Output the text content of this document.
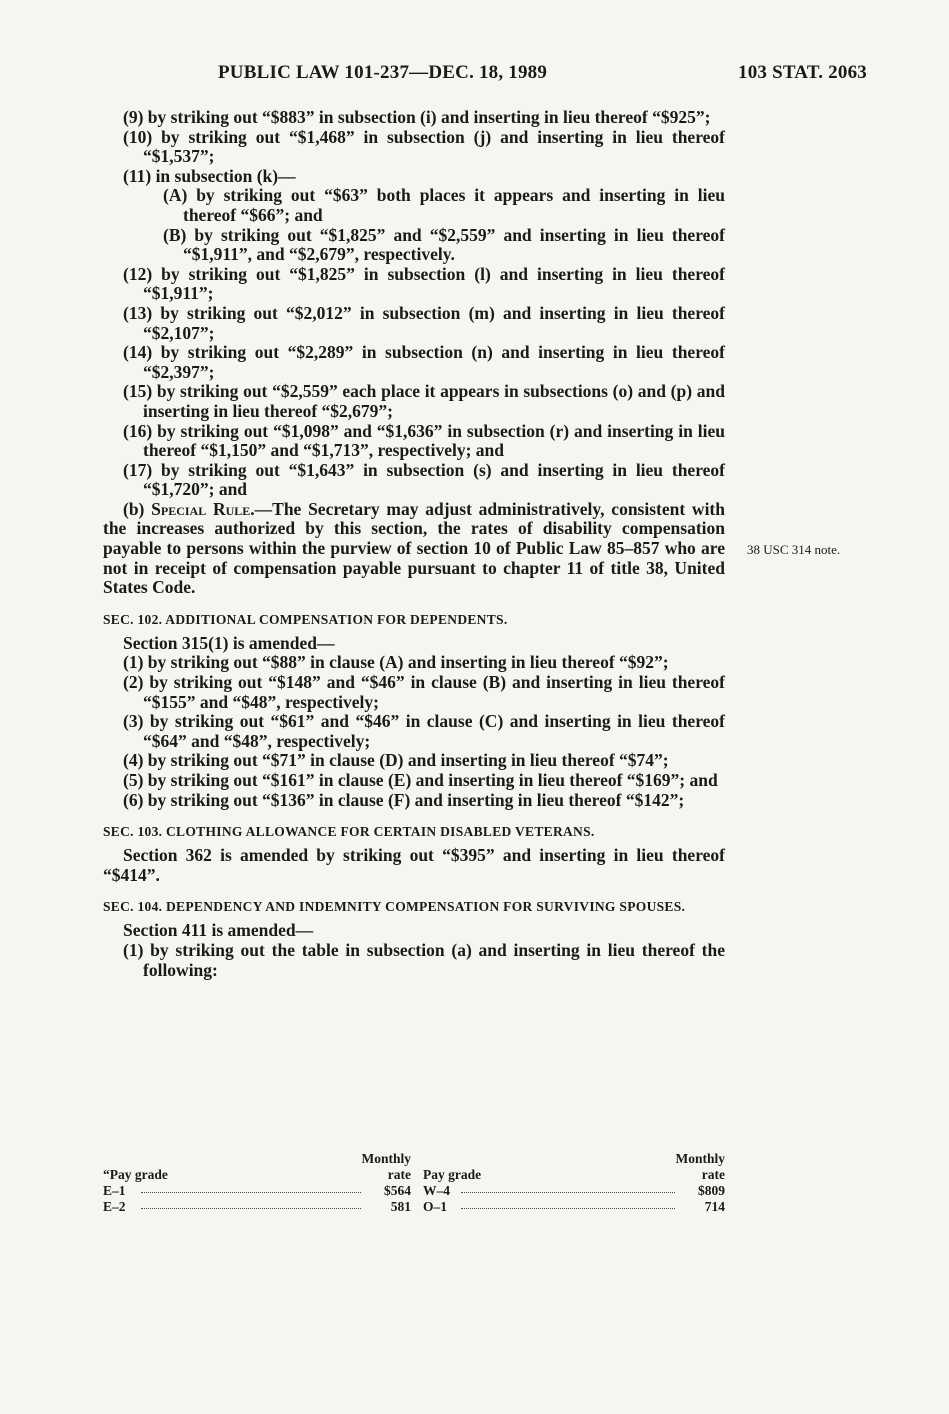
PUBLIC LAW 101-237—DEC. 18, 1989	103 STAT. 2063
38 USC 314 note.

(9) by striking out “$883” in subsection (i) and inserting in lieu thereof “$925”;

(10) by striking out “$1,468” in subsection (j) and inserting in lieu thereof “$1,537”;

(11) in subsection (k)—

(A) by striking out “$63” both places it appears and inserting in lieu thereof “$66”; and

(B) by striking out “$1,825” and “$2,559” and inserting in lieu thereof “$1,911”, and “$2,679”, respectively.

(12) by striking out “$1,825” in subsection (l) and inserting in lieu thereof “$1,911”;

(13) by striking out “$2,012” in subsection (m) and inserting in lieu thereof “$2,107”;

(14) by striking out “$2,289” in subsection (n) and inserting in lieu thereof “$2,397”;

(15) by striking out “$2,559” each place it appears in subsections (o) and (p) and inserting in lieu thereof “$2,679”;

(16) by striking out “$1,098” and “$1,636” in subsection (r) and inserting in lieu thereof “$1,150” and “$1,713”, respectively; and

(17) by striking out “$1,643” in subsection (s) and inserting in lieu thereof “$1,720”; and

(b) Special Rule.—The Secretary may adjust administratively, consistent with the increases authorized by this section, the rates of disability compensation payable to persons within the purview of section 10 of Public Law 85–857 who are not in receipt of compensation payable pursuant to chapter 11 of title 38, United States Code.

SEC. 102. ADDITIONAL COMPENSATION FOR DEPENDENTS.

Section 315(1) is amended—

(1) by striking out “$88” in clause (A) and inserting in lieu thereof “$92”;

(2) by striking out “$148” and “$46” in clause (B) and inserting in lieu thereof “$155” and “$48”, respectively;

(3) by striking out “$61” and “$46” in clause (C) and inserting in lieu thereof “$64” and “$48”, respectively;

(4) by striking out “$71” in clause (D) and inserting in lieu thereof “$74”;

(5) by striking out “$161” in clause (E) and inserting in lieu thereof “$169”; and

(6) by striking out “$136” in clause (F) and inserting in lieu thereof “$142”;

SEC. 103. CLOTHING ALLOWANCE FOR CERTAIN DISABLED VETERANS.

Section 362 is amended by striking out “$395” and inserting in lieu thereof “$414”.

SEC. 104. DEPENDENCY AND INDEMNITY COMPENSATION FOR SURVIVING SPOUSES.

Section 411 is amended—

(1) by striking out the table in subsection (a) and inserting in lieu thereof the following:

Monthly
“Pay grade	rate
E–1	$564
E–2	581
Monthly
Pay grade	rate
W–4	$809
O–1	714
